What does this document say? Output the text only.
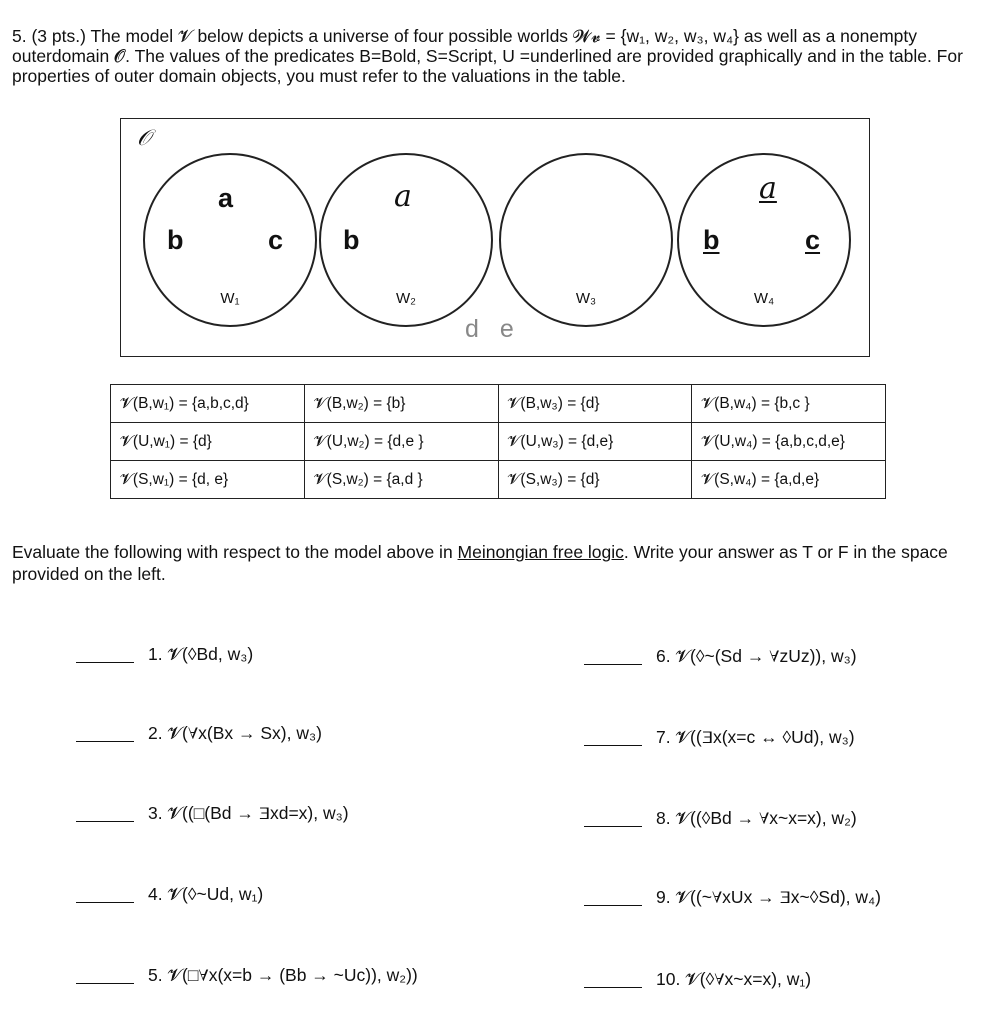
5. (3 pts.) The model 𝓥 below depicts a universe of four possible worlds 𝓦𝓿 = {w₁, w₂, w₃, w₄} as well as a nonempty outerdomain 𝓞. The values of the predicates B=Bold, S=Script, U =underlined are provided graphically and in the table. For properties of outer domain objects, you must refer to the valuations in the table.
𝒪
a
b	c
W₁
a
b
W₂	W₃
a
b	c
W₄
d e
𝓥(B,w₁) = {a,b,c,d}	𝓥(B,w₂) = {b}	𝓥(B,w₃) = {d}	𝓥(B,w₄) = {b,c }
𝓥(U,w₁) = {d}	𝓥(U,w₂) = {d,e }	𝓥(U,w₃) = {d,e}	𝓥(U,w₄) = {a,b,c,d,e}
𝓥(S,w₁) = {d, e}	𝓥(S,w₂) = {a,d }	𝓥(S,w₃) = {d}	𝓥(S,w₄) = {a,d,e}
Evaluate the following with respect to the model above in Meinongian free logic. Write your answer as T or F in the space provided on the left.
1. 𝓥(◊Bd, w₃)
2. 𝓥(∀x(Bx → Sx), w₃)
3. 𝓥((□(Bd → ∃xd=x), w₃)
4. 𝓥(◊~Ud, w₁)
5. 𝓥(□∀x(x=b → (Bb → ~Uc)), w₂))
6. 𝓥(◊~(Sd → ∀zUz)), w₃)
7. 𝓥((∃x(x=c ↔ ◊Ud), w₃)
8. 𝓥((◊Bd → ∀x~x=x), w₂)
9. 𝓥((~∀xUx → ∃x~◊Sd), w₄)
10. 𝓥(◊∀x~x=x), w₁)
